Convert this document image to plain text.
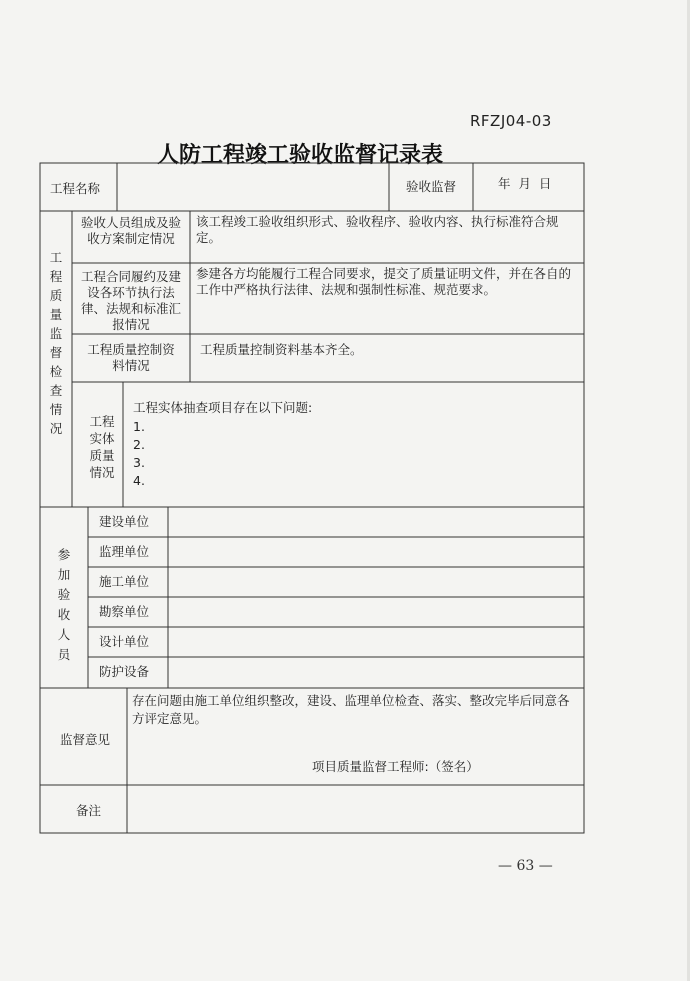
RFZJ04-03
人防工程竣工验收监督记录表
工程名称	验收监督	年  月  日
工程质量监督检查情况
验收人员组成及验收方案制定情况
该工程竣工验收组织形式、验收程序、验收内容、执行标准符合规定。
工程合同履约及建设各环节执行法律、法规和标准汇报情况
参建各方均能履行工程合同要求，提交了质量证明文件，并在各自的工作中严格执行法律、法规和强制性标准、规范要求。
工程质量控制资料情况
工程质量控制资料基本齐全。
工程实体质量情况
工程实体抽查项目存在以下问题:
1.
2.
3.
4.
参加验收人员
建设单位
监理单位
施工单位
勘察单位
设计单位
防护设备
监督意见
存在问题由施工单位组织整改，建设、监理单位检查、落实、整改完毕后同意各方评定意见。
项目质量监督工程师:（签名）
备注
— 63 —
